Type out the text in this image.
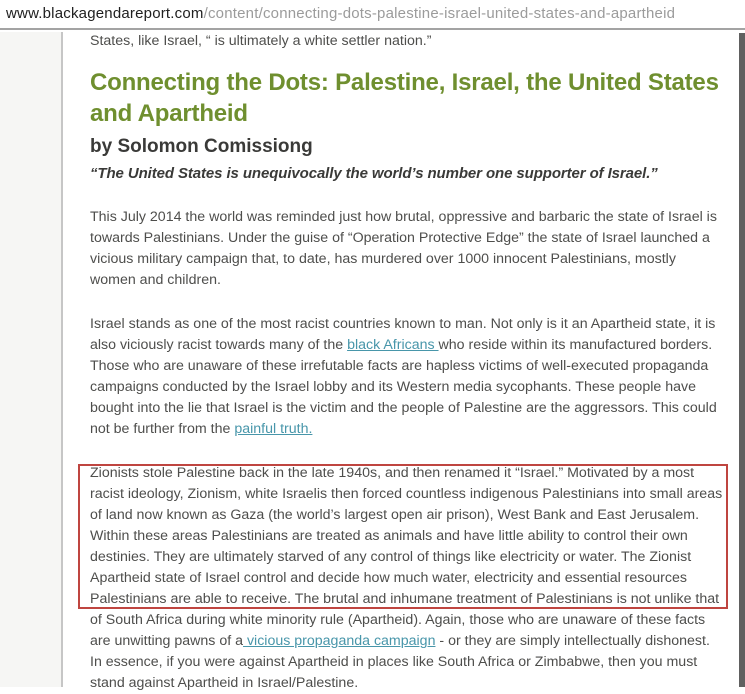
www.blackagendareport.com/content/connecting-dots-palestine-israel-united-states-and-apartheid

States, like Israel, “ is ultimately a white settler nation.”

Connecting the Dots: Palestine, Israel, the United States and Apartheid
by Solomon Comissiong

“The United States is unequivocally the world’s number one supporter of Israel.”

This July 2014 the world was reminded just how brutal, oppressive and barbaric the state of Israel is towards Palestinians. Under the guise of “Operation Protective Edge” the state of Israel launched a vicious military campaign that, to date, has murdered over 1000 innocent Palestinians, mostly women and children.

Israel stands as one of the most racist countries known to man. Not only is it an Apartheid state, it is also viciously racist towards many of the black Africans who reside within its manufactured borders. Those who are unaware of these irrefutable facts are hapless victims of well-executed propaganda campaigns conducted by the Israel lobby and its Western media sycophants. These people have bought into the lie that Israel is the victim and the people of Palestine are the aggressors. This could not be further from the painful truth.

Zionists stole Palestine back in the late 1940s, and then renamed it “Israel.” Motivated by a most racist ideology, Zionism, white Israelis then forced countless indigenous Palestinians into small areas of land now known as Gaza (the world’s largest open air prison), West Bank and East Jerusalem. Within these areas Palestinians are treated as animals and have little ability to control their own destinies. They are ultimately starved of any control of things like electricity or water. The Zionist Apartheid state of Israel control and decide how much water, electricity and essential resources Palestinians are able to receive. The brutal and inhumane treatment of Palestinians is not unlike that of South Africa during white minority rule (Apartheid). Again, those who are unaware of these facts are unwitting pawns of a vicious propaganda campaign - or they are simply intellectually dishonest. In essence, if you were against Apartheid in places like South Africa or Zimbabwe, then you must stand against Apartheid in Israel/Palestine.
